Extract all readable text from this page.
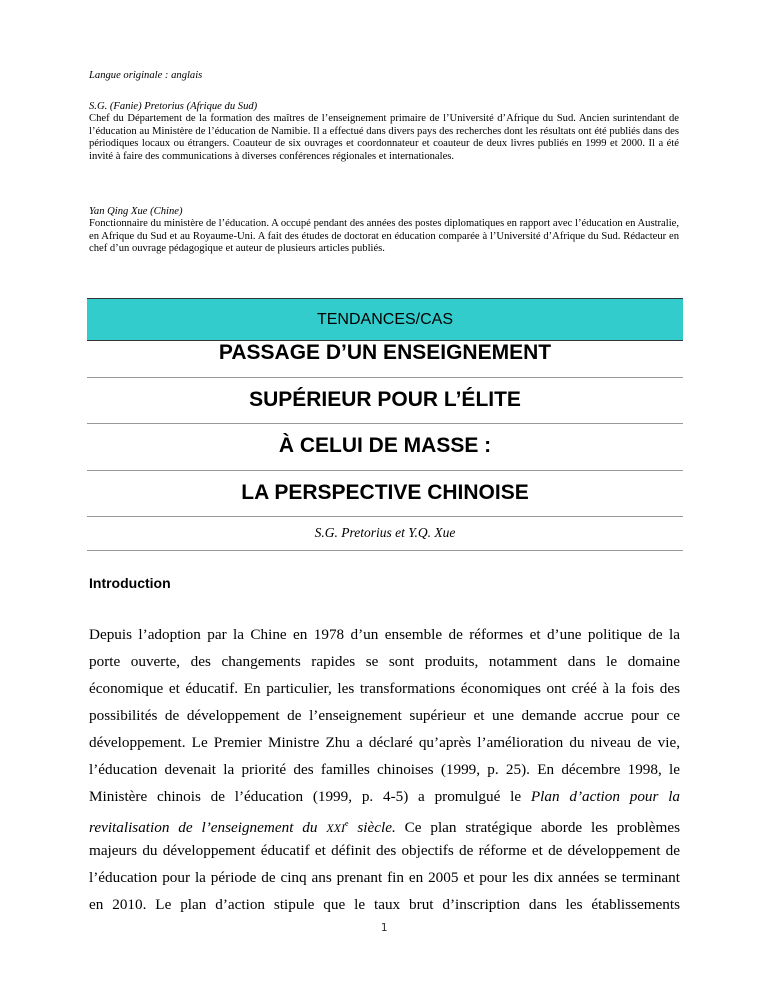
Langue originale : anglais

S.G. (Fanie) Pretorius (Afrique du Sud)

Chef du Département de la formation des maîtres de l’enseignement primaire de l’Université d’Afrique du Sud. Ancien surintendant de l’éducation au Ministère de l’éducation de Namibie. Il a effectué dans divers pays des recherches dont les résultats ont été publiés dans des périodiques locaux ou étrangers. Coauteur de six ouvrages et coordonnateur et coauteur de deux livres publiés en 1999 et 2000. Il a été invité à faire des communications à diverses conférences régionales et internationales.

Yan Qing Xue (Chine)

Fonctionnaire du ministère de l’éducation. A occupé pendant des années des postes diplomatiques en rapport avec l’éducation en Australie, en Afrique du Sud et au Royaume-Uni. A fait des études de doctorat en éducation comparée à l’Université d’Afrique du Sud. Rédacteur en chef d’un ouvrage pédagogique et auteur de plusieurs articles publiés.

TENDANCES/CAS
PASSAGE D’UN ENSEIGNEMENT
SUPÉRIEUR POUR L’ÉLITE
À CELUI DE MASSE :
LA PERSPECTIVE CHINOISE
S.G. Pretorius et Y.Q. Xue
Introduction
Depuis l’adoption par la Chine en 1978 d’un ensemble de réformes et d’une politique de la
porte ouverte, des changements rapides se sont produits, notamment dans le domaine
économique et éducatif. En particulier, les transformations économiques ont créé à la fois des
possibilités de développement de l’enseignement supérieur et une demande accrue pour ce
développement. Le Premier Ministre Zhu a déclaré qu’après l’amélioration du niveau de vie,
l’éducation devenait la priorité des familles chinoises (1999, p. 25). En décembre 1998, le
Ministère chinois de l’éducation (1999, p. 4-5) a promulgué le Plan d’action pour la
revitalisation de l’enseignement du XXIe siècle. Ce plan stratégique aborde les problèmes
majeurs du développement éducatif et définit des objectifs de réforme et de développement de
l’éducation pour la période de cinq ans prenant fin en 2005 et pour les dix années se terminant
en 2010. Le plan d’action stipule que le taux brut d’inscription dans les établissements
1
